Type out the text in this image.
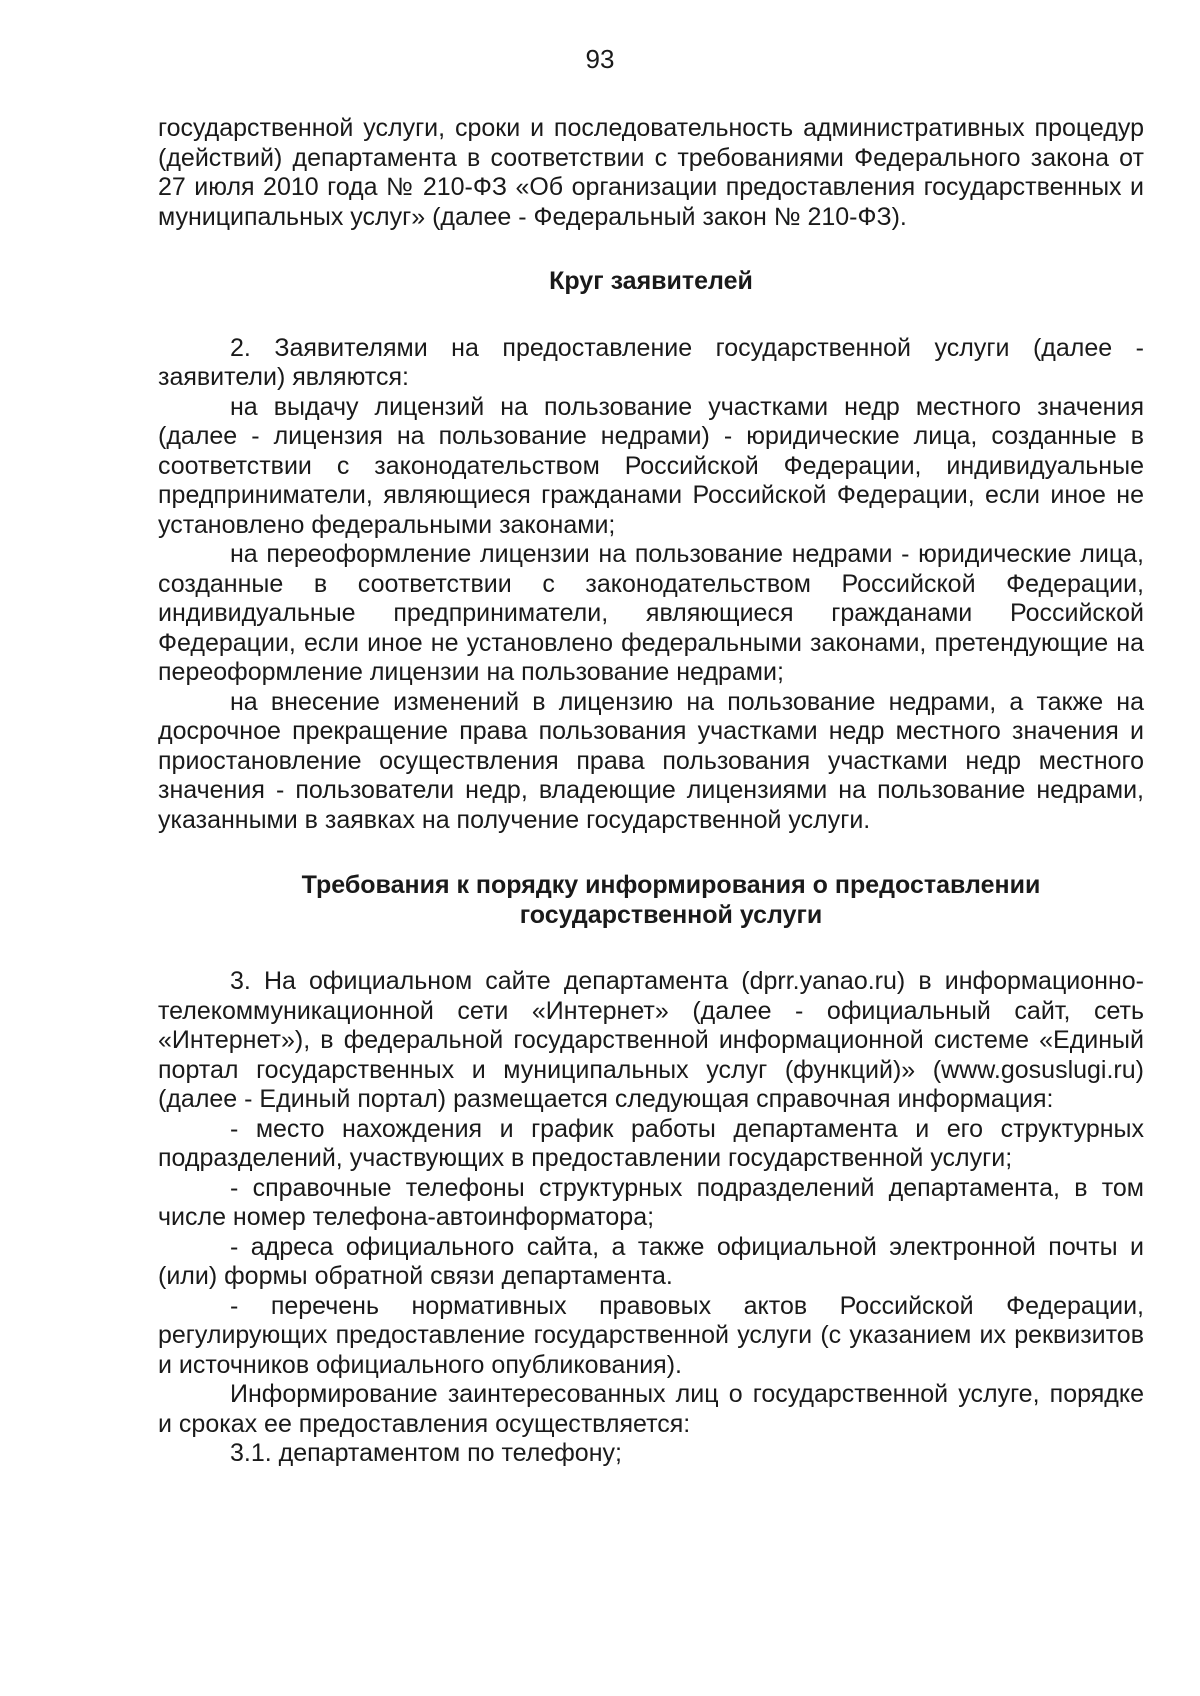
93

государственной услуги, сроки и последовательность административных процедур (действий) департамента в соответствии с требованиями Федерального закона от 27 июля 2010 года № 210-ФЗ «Об организации предоставления государственных и муниципальных услуг» (далее - Федеральный закон № 210-ФЗ).

Круг заявителей

2. Заявителями на предоставление государственной услуги (далее - заявители) являются:

на выдачу лицензий на пользование участками недр местного значения (далее - лицензия на пользование недрами) - юридические лица, созданные в соответствии с законодательством Российской Федерации, индивидуальные предприниматели, являющиеся гражданами Российской Федерации, если иное не установлено федеральными законами;

на переоформление лицензии на пользование недрами - юридические лица, созданные в соответствии с законодательством Российской Федерации, индивидуальные предприниматели, являющиеся гражданами Российской Федерации, если иное не установлено федеральными законами, претендующие на переоформление лицензии на пользование недрами;

на внесение изменений в лицензию на пользование недрами, а также на досрочное прекращение права пользования участками недр местного значения и приостановление осуществления права пользования участками недр местного значения - пользователи недр, владеющие лицензиями на пользование недрами, указанными в заявках на получение государственной услуги.

Требования к порядку информирования о предоставлении
государственной услуги

3. На официальном сайте департамента (dprr.yanao.ru) в информационно-телекоммуникационной сети «Интернет» (далее - официальный сайт, сеть «Интернет»), в федеральной государственной информационной системе «Единый портал государственных и муниципальных услуг (функций)» (www.gosuslugi.ru) (далее - Единый портал) размещается следующая справочная информация:

- место нахождения и график работы департамента и его структурных подразделений, участвующих в предоставлении государственной услуги;

- справочные телефоны структурных подразделений департамента, в том числе номер телефона-автоинформатора;

- адреса официального сайта, а также официальной электронной почты и (или) формы обратной связи департамента.

- перечень нормативных правовых актов Российской Федерации, регулирующих предоставление государственной услуги (с указанием их реквизитов и источников официального опубликования).

Информирование заинтересованных лиц о государственной услуге, порядке и сроках ее предоставления осуществляется:

3.1. департаментом по телефону;
